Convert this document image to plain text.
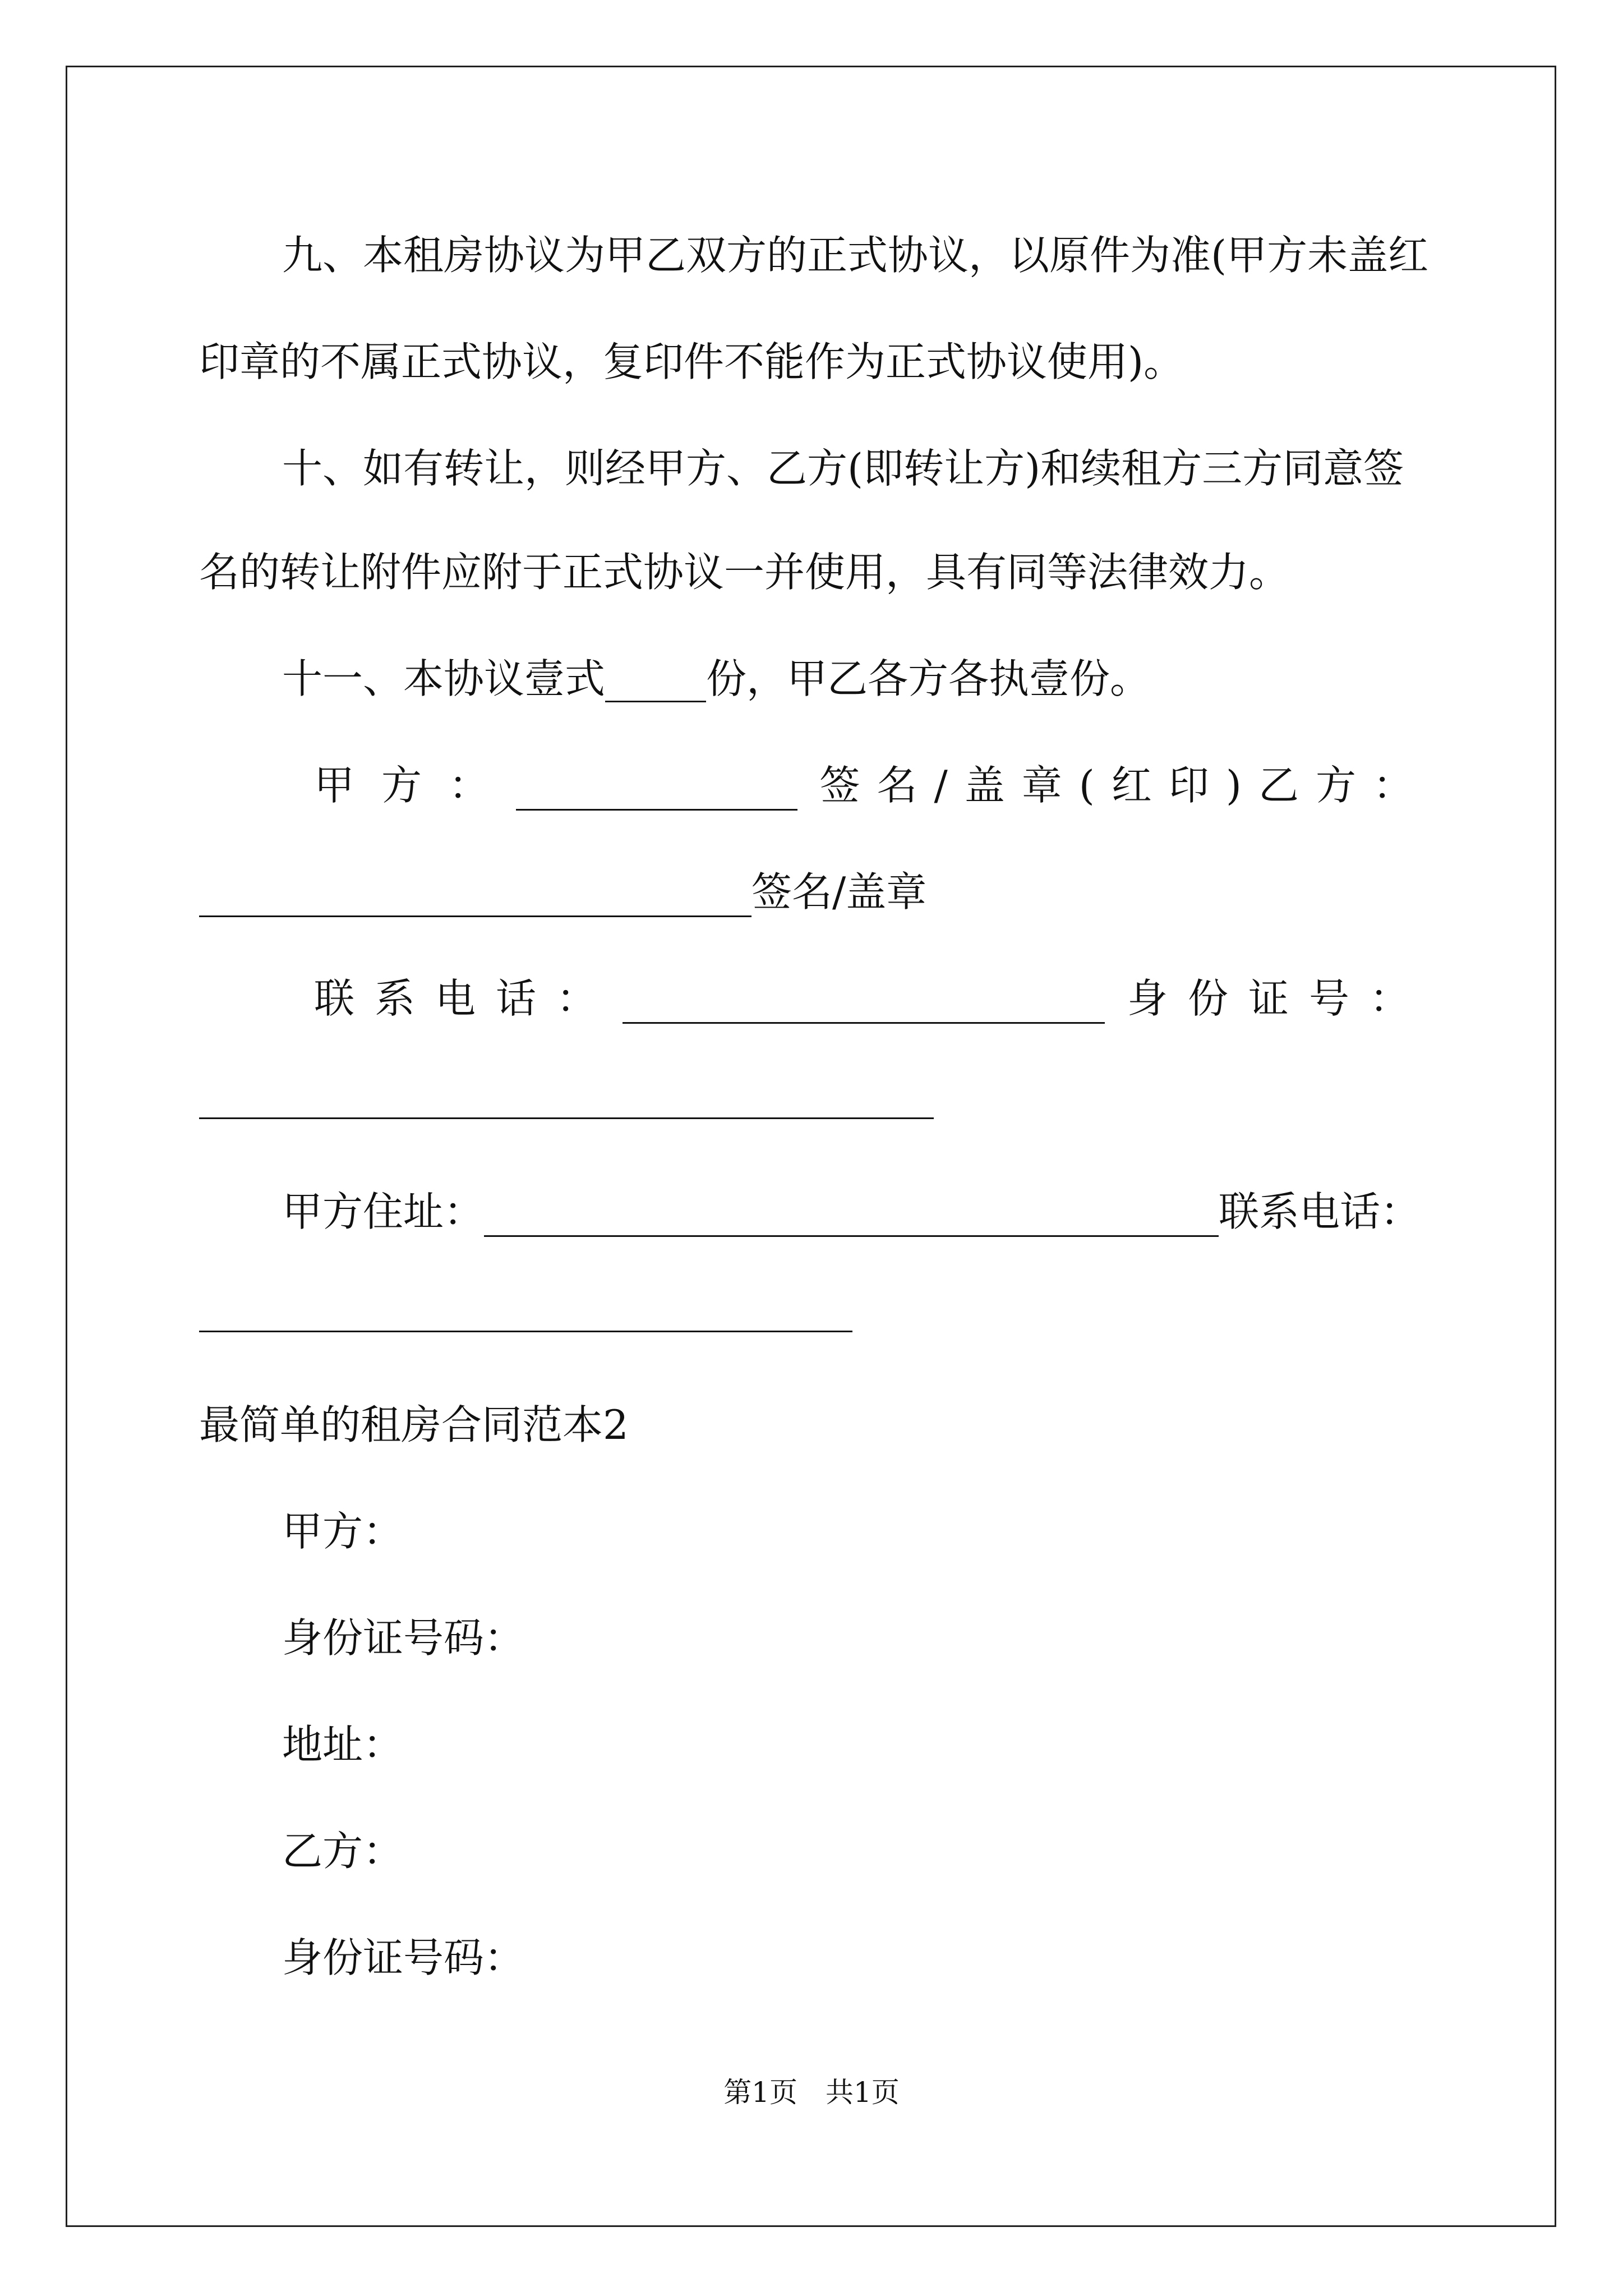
九、本租房协议为甲乙双方的正式协议，以原件为准(甲方未盖红
印章的不属正式协议，复印件不能作为正式协议使用)。
十、如有转让，则经甲方、乙方(即转让方)和续租方三方同意签
名的转让附件应附于正式协议一并使用，具有同等法律效力。
十一、本协议壹式_____份，甲乙各方各执壹份。
甲方：	签名/盖章(红印)乙方：
签名/盖章
联系电话：	身份证号：
甲方住址：	联系电话：
最简单的租房合同范本2
甲方：
身份证号码：
地址：
乙方：
身份证号码：
第1页　共1页
